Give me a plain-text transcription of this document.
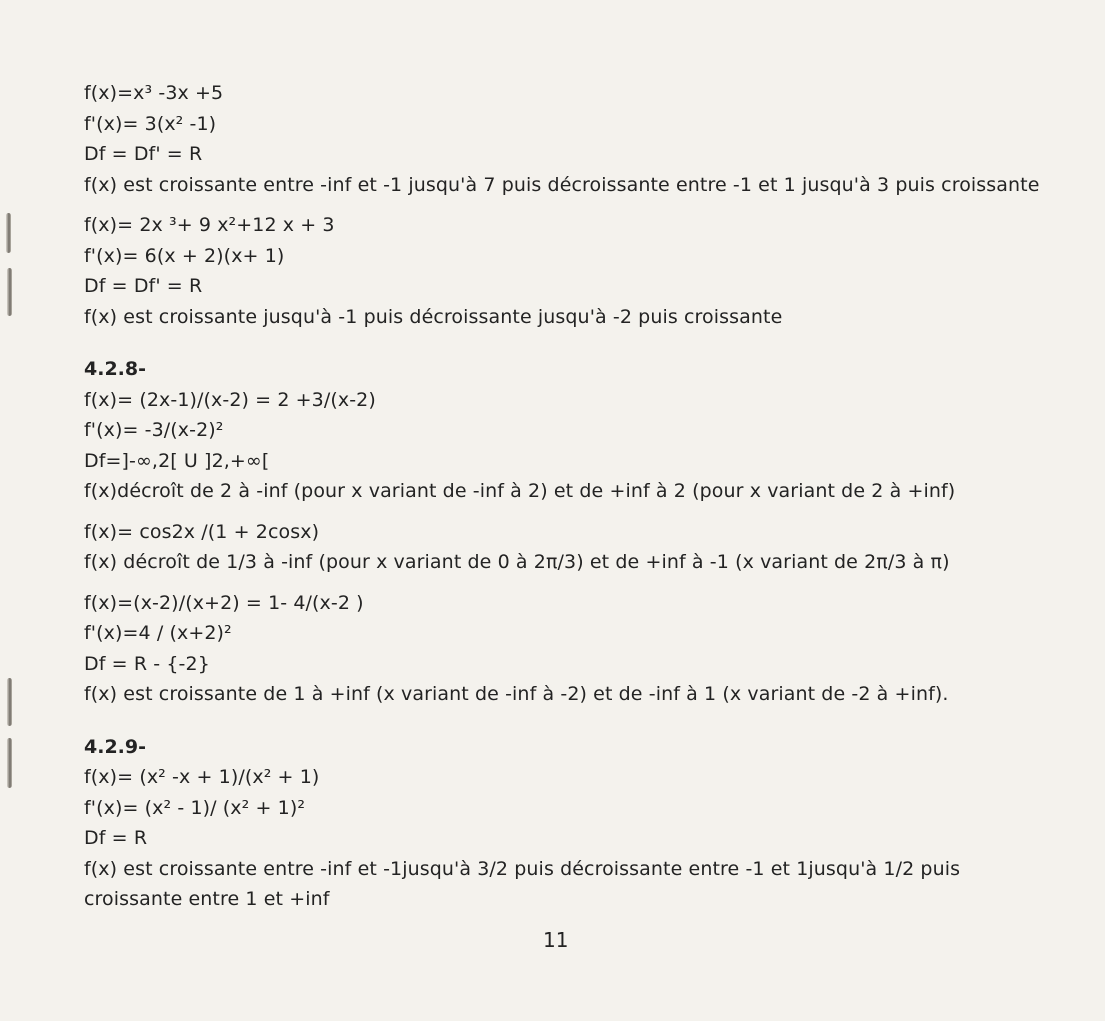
f(x)=x³ -3x +5
f'(x)= 3(x² -1)
Df = Df' = R
f(x) est croissante entre -inf et -1 jusqu'à 7 puis décroissante entre -1 et 1 jusqu'à 3 puis croissante
f(x)= 2x ³+ 9 x²+12 x + 3
f'(x)= 6(x + 2)(x+ 1)
Df = Df' = R
f(x) est croissante jusqu'à -1 puis décroissante jusqu'à -2 puis croissante
4.2.8-
f(x)= (2x-1)/(x-2) = 2 +3/(x-2)
f'(x)= -3/(x-2)²
Df=]-∞,2[ U ]2,+∞[
f(x)décroît de 2 à -inf (pour x variant de -inf à 2) et de +inf à 2 (pour x variant de 2 à +inf)
f(x)= cos2x /(1 + 2cosx)
f(x) décroît de 1/3 à -inf (pour x variant de 0 à 2π/3) et de +inf à -1 (x variant de 2π/3 à π)
f(x)=(x-2)/(x+2) = 1- 4/(x-2 )
f'(x)=4 / (x+2)²
Df = R - {-2}
f(x) est croissante de 1 à +inf (x variant de -inf à -2) et de -inf à 1 (x variant de -2 à +inf).
4.2.9-
f(x)= (x² -x + 1)/(x² + 1)
f'(x)= (x² - 1)/ (x² + 1)²
Df = R
f(x) est croissante entre -inf et -1jusqu'à 3/2 puis décroissante entre -1 et 1jusqu'à 1/2 puis croissante entre 1 et +inf
11
